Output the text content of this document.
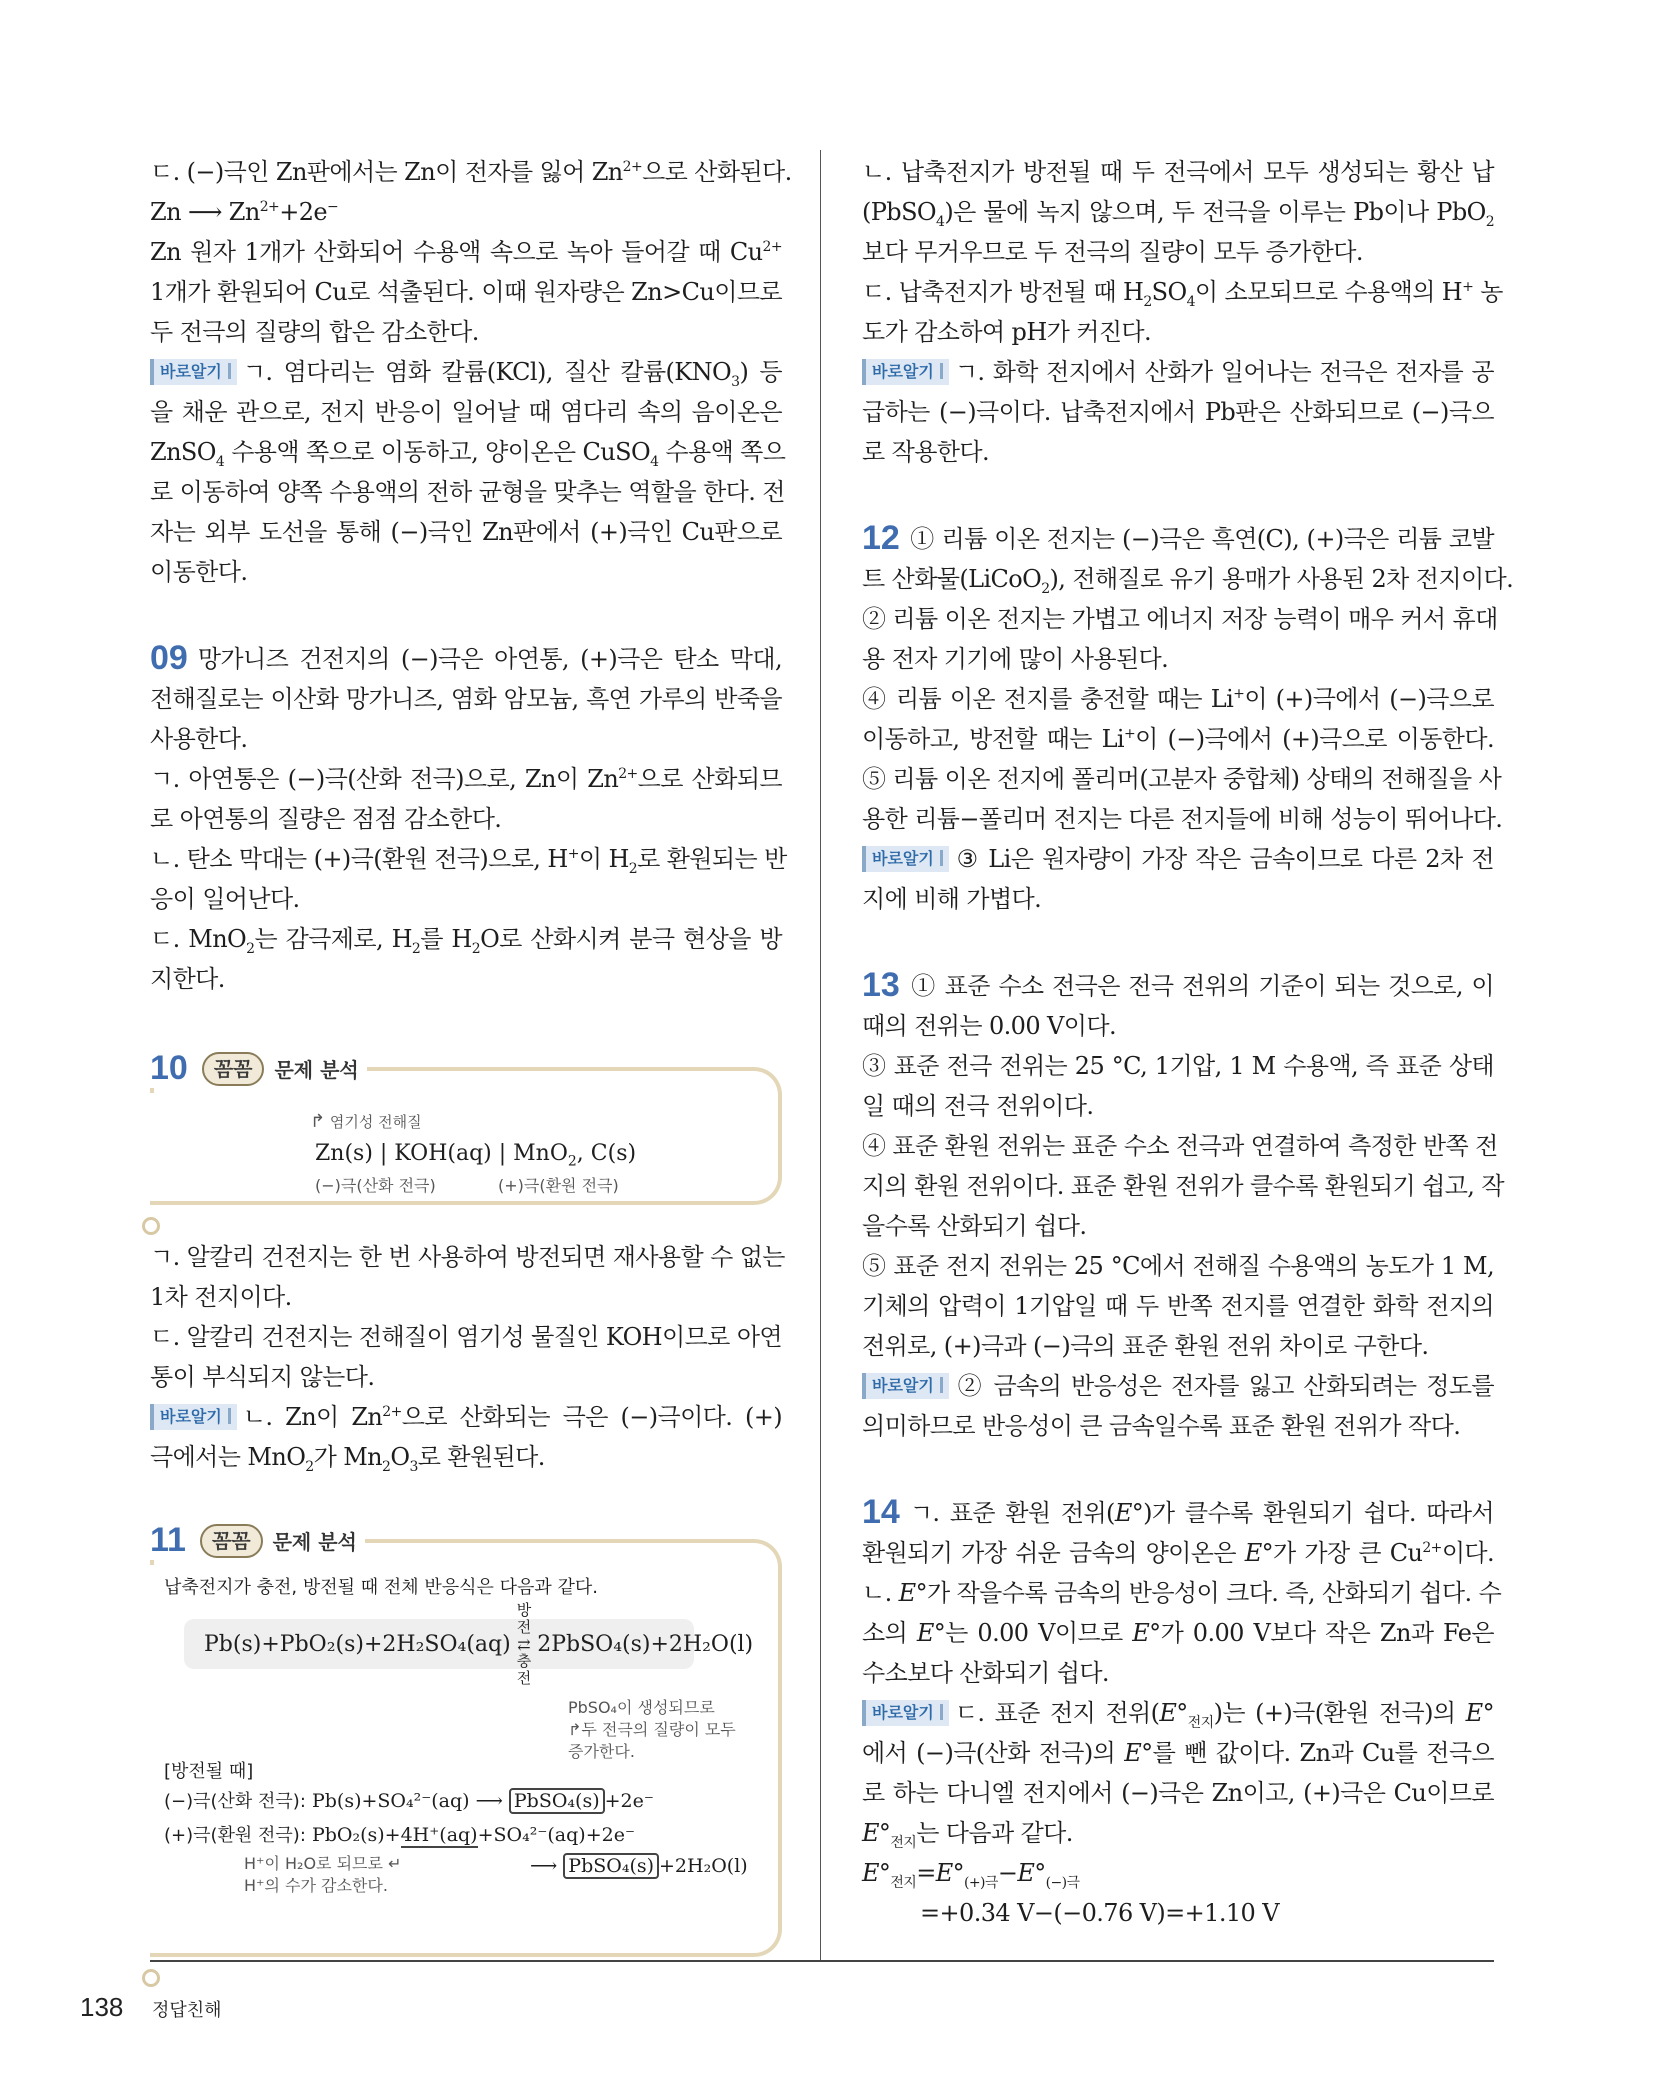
ㄷ. (−)극인 Zn판에서는 Zn이 전자를 잃어 $Zn^{2+}$으로 산화된다.
Zn ⟶ $Zn^{2+}+2e^-$
Zn 원자 1개가 산화되어 수용액 속으로 녹아 들어갈 때 $Cu^{2+}$
1개가 환원되어 Cu로 석출된다. 이때 원자량은 Zn>Cu이므로
두 전극의 질량의 합은 감소한다.
바로알기 ㄱ. 염다리는 염화 칼륨(KCl), 질산 칼륨$(KNO_3)$ 등
을 채운 관으로, 전지 반응이 일어날 때 염다리 속의 음이온은
ZnSO$_4$ 수용액 쪽으로 이동하고, 양이온은 CuSO$_4$ 수용액 쪽으
로 이동하여 양쪽 수용액의 전하 균형을 맞추는 역할을 한다. 전
자는 외부 도선을 통해 (−)극인 Zn판에서 (+)극인 Cu판으로
이동한다.
09 망가니즈 건전지의 (−)극은 아연통, (+)극은 탄소 막대,
전해질로는 이산화 망가니즈, 염화 암모늄, 흑연 가루의 반죽을
사용한다.
ㄱ. 아연통은 (−)극(산화 전극)으로, Zn이 $Zn^{2+}$으로 산화되므
로 아연통의 질량은 점점 감소한다.
ㄴ. 탄소 막대는 (+)극(환원 전극)으로, H+이 $H_2$로 환원되는 반
응이 일어난다.
ㄷ. MnO$_2$는 감극제로, $H_2$를 $H_2O$로 산화시켜 분극 현상을 방
지한다.
10	꼼꼼	문제 분석
↱ 염기성 전해질
Zn(s) | KOH(aq) | MnO$_2$, C(s)
(−)극(산화 전극)	(+)극(환원 전극)
ㄱ. 알칼리 건전지는 한 번 사용하여 방전되면 재사용할 수 없는
1차 전지이다.
ㄷ. 알칼리 건전지는 전해질이 염기성 물질인 KOH이므로 아연
통이 부식되지 않는다.
바로알기 ㄴ. Zn이 $Zn^{2+}$으로 산화되는 극은 (−)극이다. (+)
극에서는 MnO$_2$가 $Mn_2O_3$로 환원된다.
11	꼼꼼	문제 분석
납축전지가 충전, 방전될 때 전체 반응식은 다음과 같다.
Pb(s)+PbO₂(s)+2H₂SO₄(aq)
방전
⇄
충전
2PbSO₄(s)+2H₂O(l)
PbSO₄이 생성되므로
↱두 전극의 질량이 모두
증가한다.
[방전될 때]
(−)극(산화 전극): Pb(s)+SO₄²⁻(aq) ⟶ PbSO₄(s) +2e⁻
(+)극(환원 전극): PbO₂(s)+4H⁺(aq)+SO₄²⁻(aq)+2e⁻
⟶ PbSO₄(s) +2H₂O(l)
H⁺이 H₂O로 되므로 ↵
H⁺의 수가 감소한다.
ㄴ. 납축전지가 방전될 때 두 전극에서 모두 생성되는 황산 납
(PbSO$_4$)은 물에 녹지 않으며, 두 전극을 이루는 Pb이나 PbO$_2$
보다 무거우므로 두 전극의 질량이 모두 증가한다.
ㄷ. 납축전지가 방전될 때 $H_2SO_4$이 소모되므로 수용액의 H+ 농
도가 감소하여 pH가 커진다.
바로알기 ㄱ. 화학 전지에서 산화가 일어나는 전극은 전자를 공
급하는 (−)극이다. 납축전지에서 Pb판은 산화되므로 (−)극으
로 작용한다.
12 ① 리튬 이온 전지는 (−)극은 흑연(C), (+)극은 리튬 코발
트 산화물(LiCoO$_2$), 전해질로 유기 용매가 사용된 2차 전지이다.
② 리튬 이온 전지는 가볍고 에너지 저장 능력이 매우 커서 휴대
용 전자 기기에 많이 사용된다.
④ 리튬 이온 전지를 충전할 때는 Li+이 (+)극에서 (−)극으로
이동하고, 방전할 때는 Li+이 (−)극에서 (+)극으로 이동한다.
⑤ 리튬 이온 전지에 폴리머(고분자 중합체) 상태의 전해질을 사
용한 리튬−폴리머 전지는 다른 전지들에 비해 성능이 뛰어나다.
바로알기 ③ Li은 원자량이 가장 작은 금속이므로 다른 2차 전
지에 비해 가볍다.
13 ① 표준 수소 전극은 전극 전위의 기준이 되는 것으로, 이
때의 전위는 0.00 V이다.
③ 표준 전극 전위는 25 °C, 1기압, 1 M 수용액, 즉 표준 상태
일 때의 전극 전위이다.
④ 표준 환원 전위는 표준 수소 전극과 연결하여 측정한 반쪽 전
지의 환원 전위이다. 표준 환원 전위가 클수록 환원되기 쉽고, 작
을수록 산화되기 쉽다.
⑤ 표준 전지 전위는 25 °C에서 전해질 수용액의 농도가 1 M,
기체의 압력이 1기압일 때 두 반쪽 전지를 연결한 화학 전지의
전위로, (+)극과 (−)극의 표준 환원 전위 차이로 구한다.
바로알기 ② 금속의 반응성은 전자를 잃고 산화되려는 정도를
의미하므로 반응성이 큰 금속일수록 표준 환원 전위가 작다.
14 ㄱ. 표준 환원 전위(E°)가 클수록 환원되기 쉽다. 따라서
환원되기 가장 쉬운 금속의 양이온은 E°가 가장 큰 $Cu^{2+}$이다.
ㄴ. E°가 작을수록 금속의 반응성이 크다. 즉, 산화되기 쉽다. 수
소의 E°는 0.00 V이므로 E°가 0.00 V보다 작은 Zn과 Fe은
수소보다 산화되기 쉽다.
바로알기 ㄷ. 표준 전지 전위$(E^\circ_{전지})$는 (+)극(환원 전극)의 E°
에서 (−)극(산화 전극)의 E°를 뺀 값이다. Zn과 Cu를 전극으
로 하는 다니엘 전지에서 (−)극은 Zn이고, (+)극은 Cu이므로
$E^\circ_{전지}$는 다음과 같다.
$E^\circ_{전지}=E^\circ_{(+)극}-E^\circ_{(-)극}$
=+0.34 V−(−0.76 V)=+1.10 V
138 정답친해
